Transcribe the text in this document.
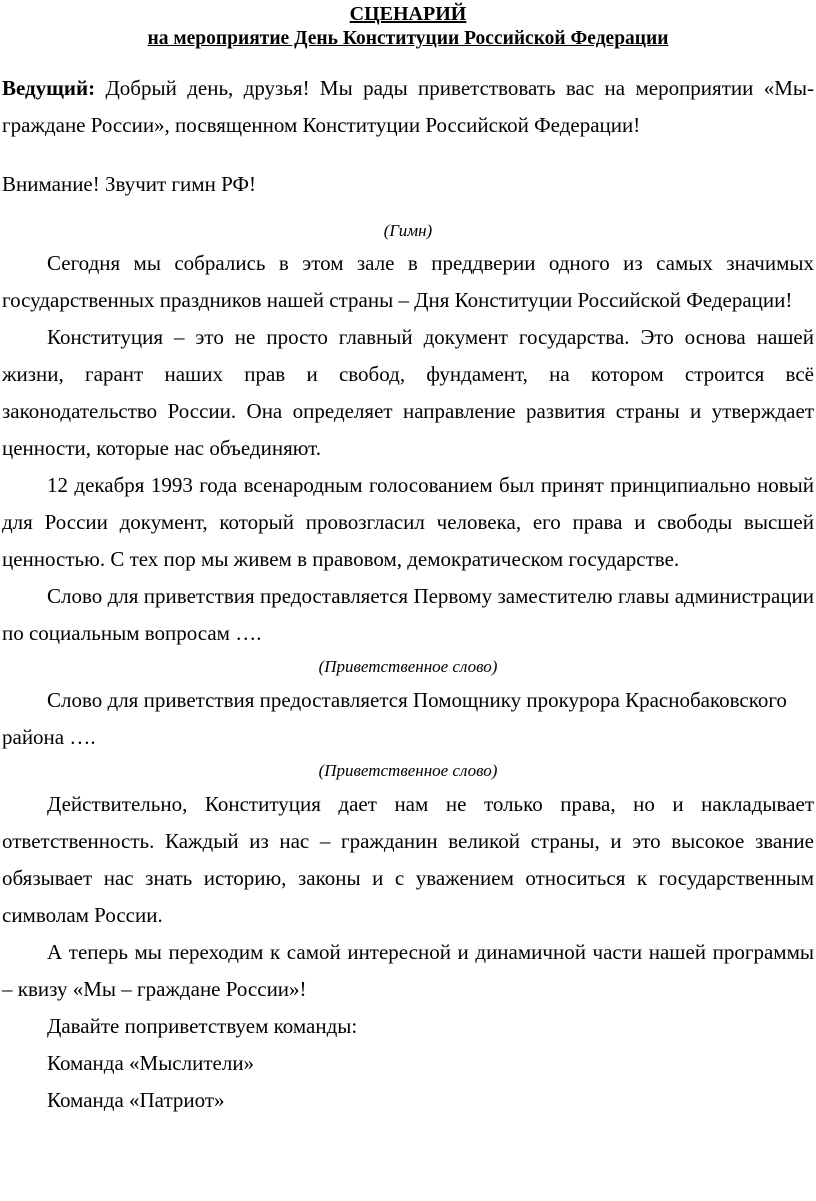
СЦЕНАРИЙ

на мероприятие День Конституции Российской Федерации

Ведущий: Добрый день, друзья! Мы рады приветствовать вас на мероприятии «Мы-граждане России», посвященном Конституции Российской Федерации!

Внимание! Звучит гимн РФ!

(Гимн)

Сегодня мы собрались в этом зале в преддверии одного из самых значимых государственных праздников нашей страны – Дня Конституции Российской Федерации!

Конституция – это не просто главный документ государства. Это основа нашей жизни, гарант наших прав и свобод, фундамент, на котором строится всё законодательство России. Она определяет направление развития страны и утверждает ценности, которые нас объединяют.

12 декабря 1993 года всенародным голосованием был принят принципиально новый для России документ, который провозгласил человека, его права и свободы высшей ценностью. С тех пор мы живем в правовом, демократическом государстве.

Слово для приветствия предоставляется Первому заместителю главы администрации по социальным вопросам ….

(Приветственное слово)

Слово для приветствия предоставляется Помощнику прокурора Краснобаковского района ….

(Приветственное слово)

Действительно, Конституция дает нам не только права, но и накладывает ответственность. Каждый из нас – гражданин великой страны, и это высокое звание обязывает нас знать историю, законы и с уважением относиться к государственным символам России.

А теперь мы переходим к самой интересной и динамичной части нашей программы – квизу «Мы – граждане России»!

Давайте поприветствуем команды:

Команда «Мыслители»

Команда «Патриот»
